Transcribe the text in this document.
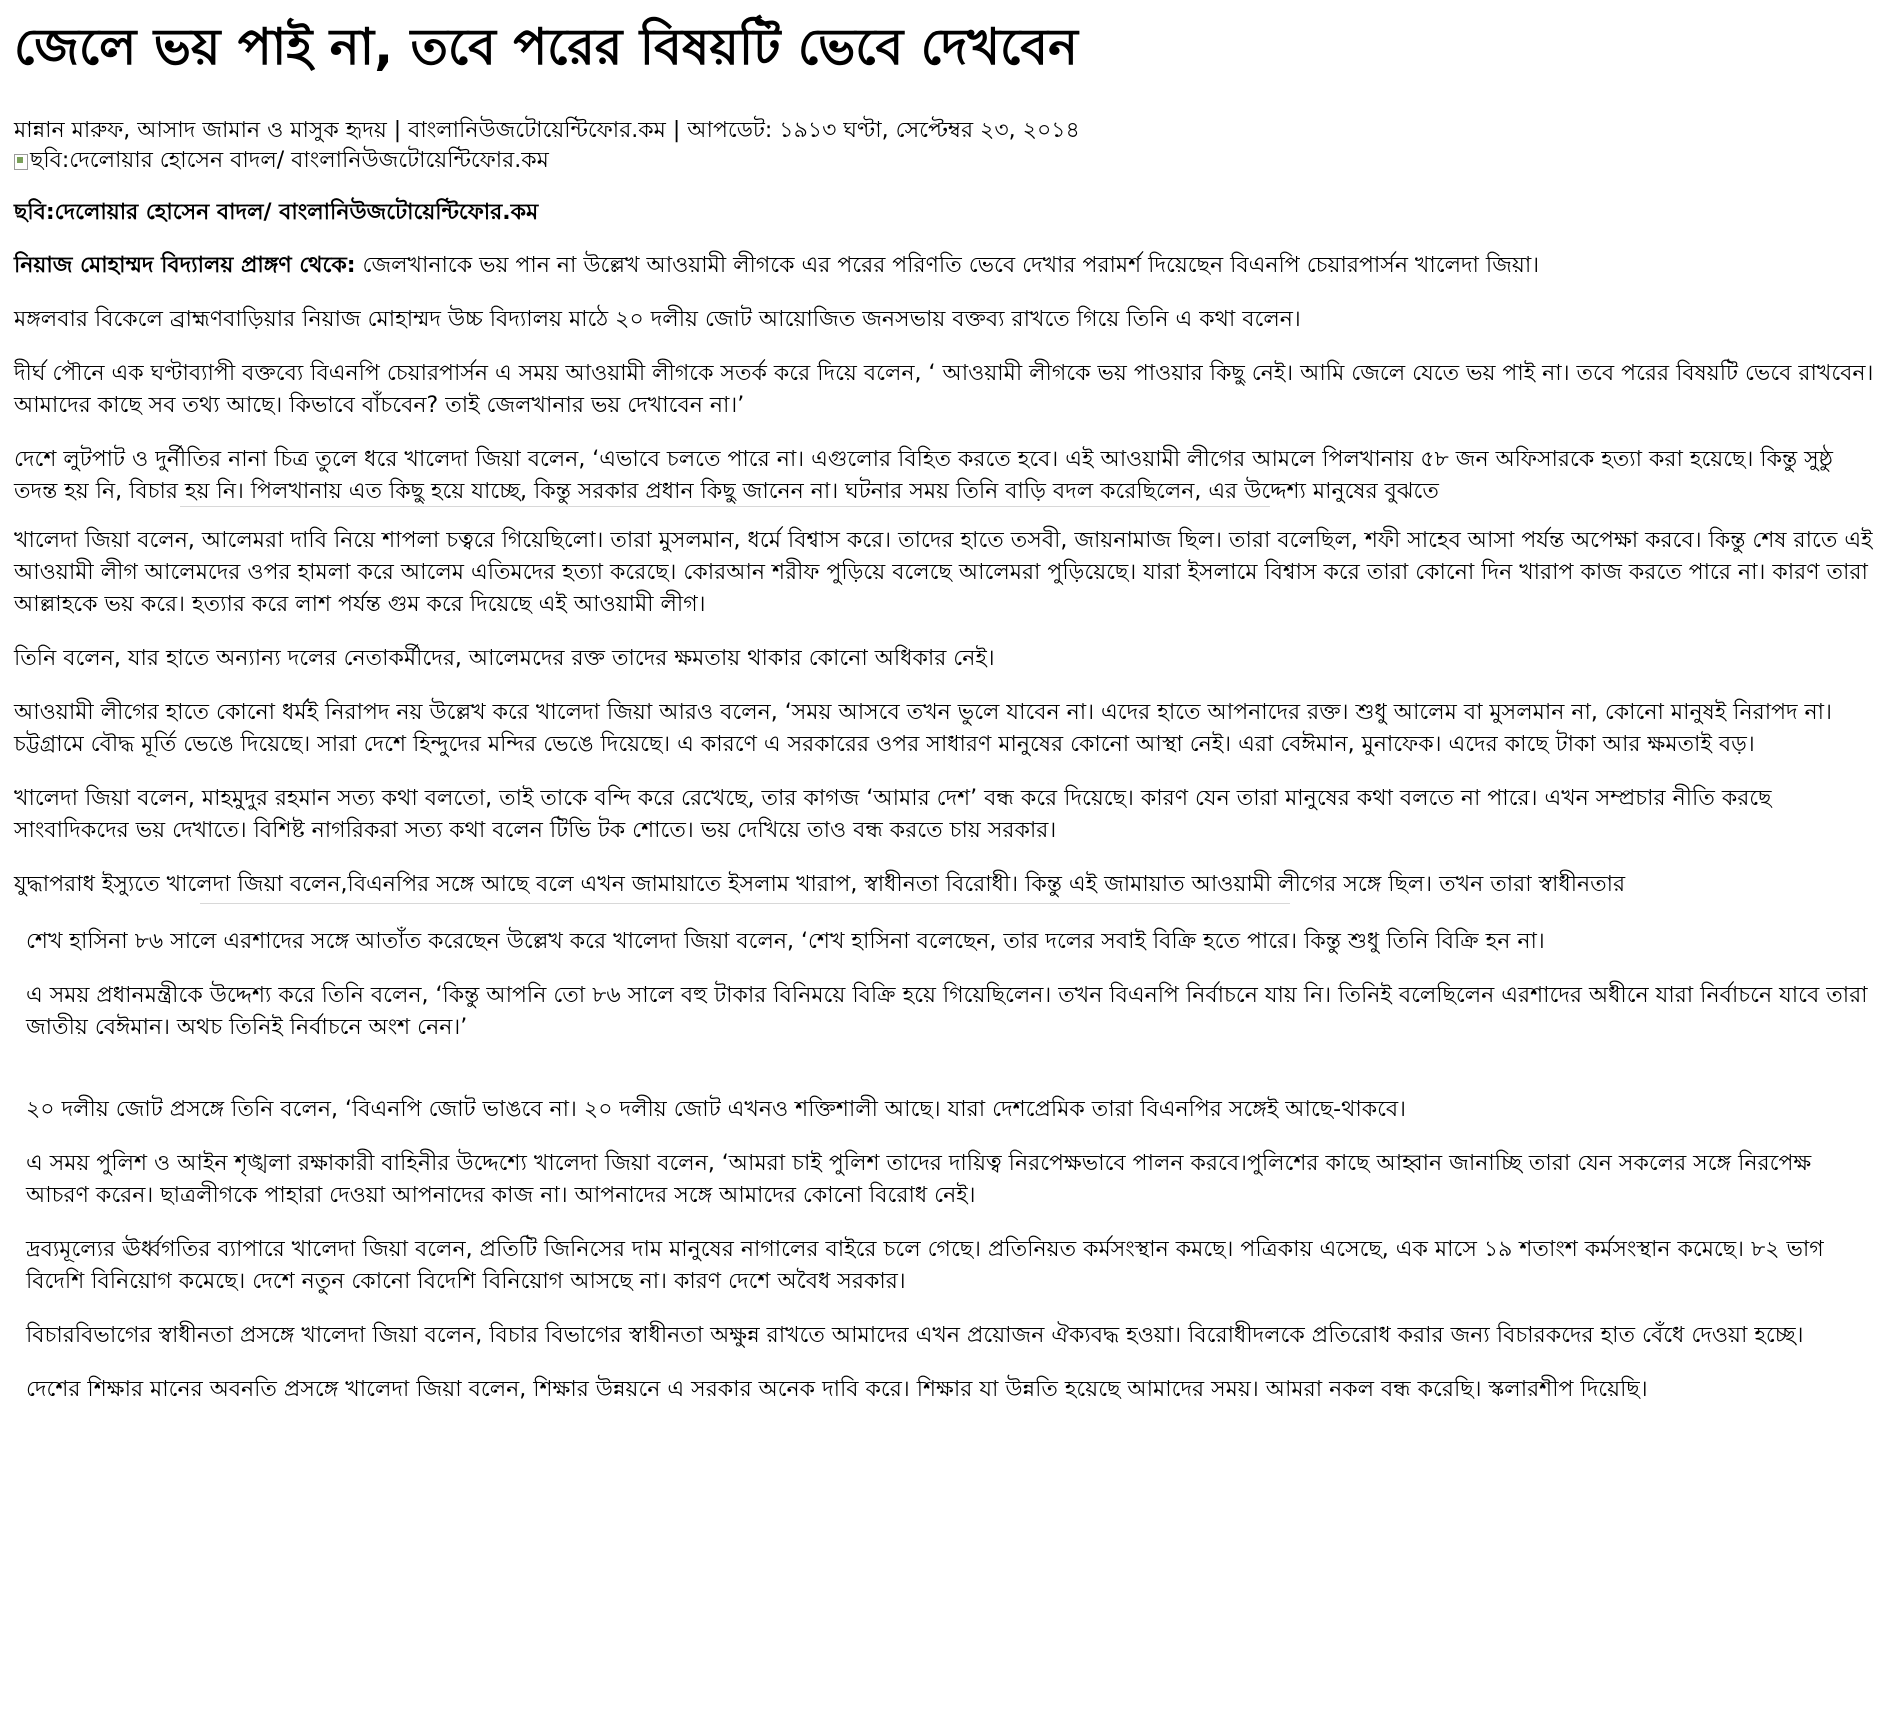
জেলে ভয় পাই না, তবে পরের বিষয়টি ভেবে দেখবেন
মান্নান মারুফ, আসাদ জামান ও মাসুক হৃদয় | বাংলানিউজটোয়েন্টিফোর.কম | আপডেট: ১৯১৩ ঘণ্টা, সেপ্টেম্বর ২৩, ২০১৪
ছবি:দেলোয়ার হোসেন বাদল/ বাংলানিউজটোয়েন্টিফোর.কম
ছবি:দেলোয়ার হোসেন বাদল/ বাংলানিউজটোয়েন্টিফোর.কম

নিয়াজ মোহাম্মদ বিদ্যালয় প্রাঙ্গণ থেকে: জেলখানাকে ভয় পান না উল্লেখ আওয়ামী লীগকে এর পরের পরিণতি ভেবে দেখার পরামর্শ দিয়েছেন বিএনপি চেয়ারপার্সন খালেদা জিয়া।

মঙ্গলবার বিকেলে ব্রাহ্মণবাড়িয়ার নিয়াজ মোহাম্মদ উচ্চ বিদ্যালয় মাঠে ২০ দলীয় জোট আয়োজিত জনসভায় বক্তব্য রাখতে গিয়ে তিনি এ কথা বলেন।

দীর্ঘ পৌনে এক ঘণ্টাব্যাপী বক্তব্যে বিএনপি চেয়ারপার্সন এ সময় আওয়ামী লীগকে সতর্ক করে দিয়ে বলেন, ‘ আওয়ামী লীগকে ভয় পাওয়ার কিছু নেই। আমি জেলে যেতে ভয় পাই না। তবে পরের বিষয়টি ভেবে রাখবেন। আমাদের কাছে সব তথ্য আছে। কিভাবে বাঁচবেন? তাই জেলখানার ভয় দেখাবেন না।’

দেশে লুটপাট ও দুর্নীতির নানা চিত্র তুলে ধরে খালেদা জিয়া বলেন, ‘এভাবে চলতে পারে না। এগুলোর বিহিত করতে হবে। এই আওয়ামী লীগের আমলে পিলখানায় ৫৮ জন অফিসারকে হত্যা করা হয়েছে। কিন্তু সুষ্ঠু তদন্ত হয় নি, বিচার হয় নি। পিলখানায় এত কিছু হয়ে যাচ্ছে, কিন্তু সরকার প্রধান কিছু জানেন না। ঘটনার সময় তিনি বাড়ি বদল করেছিলেন, এর উদ্দেশ্য মানুষের বুঝতে

খালেদা জিয়া বলেন, আলেমরা দাবি নিয়ে শাপলা চত্বরে গিয়েছিলো। তারা মুসলমান, ধর্মে বিশ্বাস করে। তাদের হাতে তসবী, জায়নামাজ ছিল। তারা বলেছিল, শফী সাহেব আসা পর্যন্ত অপেক্ষা করবে। কিন্তু শেষ রাতে এই আওয়ামী লীগ আলেমদের ওপর হামলা করে আলেম এতিমদের হত্যা করেছে। কোরআন শরীফ পুড়িয়ে বলেছে আলেমরা পুড়িয়েছে। যারা ইসলামে বিশ্বাস করে তারা কোনো দিন খারাপ কাজ করতে পারে না। কারণ তারা আল্লাহকে ভয় করে। হত্যার করে লাশ পর্যন্ত গুম করে দিয়েছে এই আওয়ামী লীগ।

তিনি বলেন, যার হাতে অন্যান্য দলের নেতাকর্মীদের, আলেমদের রক্ত তাদের ক্ষমতায় থাকার কোনো অধিকার নেই।

আওয়ামী লীগের হাতে কোনো ধর্মই নিরাপদ নয় উল্লেখ করে খালেদা জিয়া আরও বলেন, ‘সময় আসবে তখন ভুলে যাবেন না। এদের হাতে আপনাদের রক্ত। শুধু আলেম বা মুসলমান না, কোনো মানুষই নিরাপদ না। চট্টগ্রামে বৌদ্ধ মূর্তি ভেঙে দিয়েছে। সারা দেশে হিন্দুদের মন্দির ভেঙে দিয়েছে। এ কারণে এ সরকারের ওপর সাধারণ মানুষের কোনো আস্থা নেই। এরা বেঈমান, মুনাফেক। এদের কাছে টাকা আর ক্ষমতাই বড়।

খালেদা জিয়া বলেন, মাহমুদুর রহমান সত্য কথা বলতো, তাই তাকে বন্দি করে রেখেছে, তার কাগজ ‘আমার দেশ’ বন্ধ করে দিয়েছে। কারণ যেন তারা মানুষের কথা বলতে না পারে। এখন সম্প্রচার নীতি করছে সাংবাদিকদের ভয় দেখাতে। বিশিষ্ট নাগরিকরা সত্য কথা বলেন টিভি টক শোতে। ভয় দেখিয়ে তাও বন্ধ করতে চায় সরকার।

যুদ্ধাপরাধ ইস্যুতে খালেদা জিয়া বলেন,বিএনপির সঙ্গে আছে বলে এখন জামায়াতে ইসলাম খারাপ, স্বাধীনতা বিরোধী। কিন্তু এই জামায়াত আওয়ামী লীগের সঙ্গে ছিল। তখন তারা স্বাধীনতার

শেখ হাসিনা ৮৬ সালে এরশাদের সঙ্গে আতাঁত করেছেন উল্লেখ করে খালেদা জিয়া বলেন, ‘শেখ হাসিনা বলেছেন, তার দলের সবাই বিক্রি হতে পারে। কিন্তু শুধু তিনি বিক্রি হন না।

এ সময় প্রধানমন্ত্রীকে উদ্দেশ্য করে তিনি বলেন, ‘কিন্তু আপনি তো ৮৬ সালে বহু টাকার বিনিময়ে বিক্রি হয়ে গিয়েছিলেন। তখন বিএনপি নির্বাচনে যায় নি। তিনিই বলেছিলেন এরশাদের অধীনে যারা নির্বাচনে যাবে তারা জাতীয় বেঈমান। অথচ তিনিই নির্বাচনে অংশ নেন।’

২০ দলীয় জোট প্রসঙ্গে তিনি বলেন, ‘বিএনপি জোট ভাঙবে না। ২০ দলীয় জোট এখনও শক্তিশালী আছে। যারা দেশপ্রেমিক তারা বিএনপির সঙ্গেই আছে-থাকবে।

এ সময় পুলিশ ও আইন শৃঙ্খলা রক্ষাকারী বাহিনীর উদ্দেশ্যে খালেদা জিয়া বলেন, ‘আমরা চাই পুলিশ তাদের দায়িত্ব নিরপেক্ষভাবে পালন করবে।পুলিশের কাছে আহ্বান জানাচ্ছি তারা যেন সকলের সঙ্গে নিরপেক্ষ আচরণ করেন। ছাত্রলীগকে পাহারা দেওয়া আপনাদের কাজ না। আপনাদের সঙ্গে আমাদের কোনো বিরোধ নেই।

দ্রব্যমূল্যের ঊর্ধ্বগতির ব্যাপারে খালেদা জিয়া বলেন, প্রতিটি জিনিসের দাম মানুষের নাগালের বাইরে চলে গেছে। প্রতিনিয়ত কর্মসংস্থান কমছে। পত্রিকায় এসেছে, এক মাসে ১৯ শতাংশ কর্মসংস্থান কমেছে। ৮২ ভাগ বিদেশি বিনিয়োগ কমেছে। দেশে নতুন কোনো বিদেশি বিনিয়োগ আসছে না। কারণ দেশে অবৈধ সরকার।

বিচারবিভাগের স্বাধীনতা প্রসঙ্গে খালেদা জিয়া বলেন, বিচার বিভাগের স্বাধীনতা অক্ষুন্ন রাখতে আমাদের এখন প্রয়োজন ঐক্যবদ্ধ হওয়া। বিরোধীদলকে প্রতিরোধ করার জন্য বিচারকদের হাত বেঁধে দেওয়া হচ্ছে।

দেশের শিক্ষার মানের অবনতি প্রসঙ্গে খালেদা জিয়া বলেন, শিক্ষার উন্নয়নে এ সরকার অনেক দাবি করে। শিক্ষার যা উন্নতি হয়েছে আমাদের সময়। আমরা নকল বন্ধ করেছি। স্কলারশীপ দিয়েছি।
